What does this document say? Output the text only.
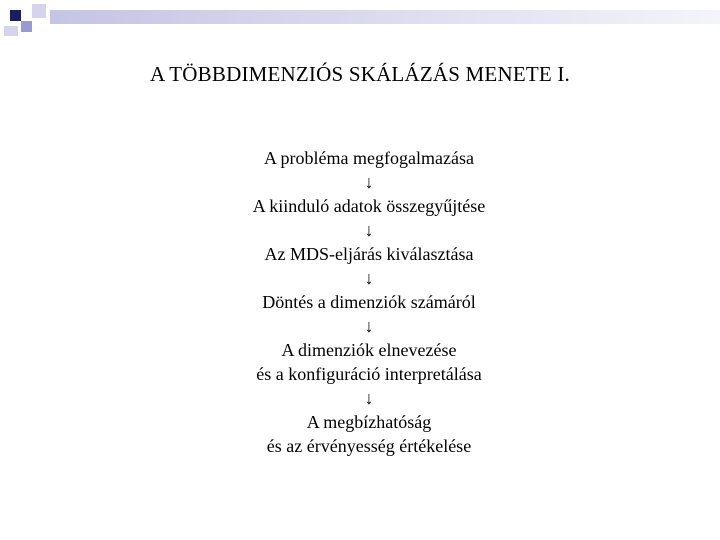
A TÖBBDIMENZIÓS SKÁLÁZÁS MENETE I.
A probléma megfogalmazása
↓
A kiinduló adatok összegyűjtése
↓
Az MDS-eljárás kiválasztása
↓
Döntés a dimenziók számáról
↓
A dimenziók elnevezése
és a konfiguráció interpretálása
↓
A megbízhatóság
és az érvényesség értékelése
